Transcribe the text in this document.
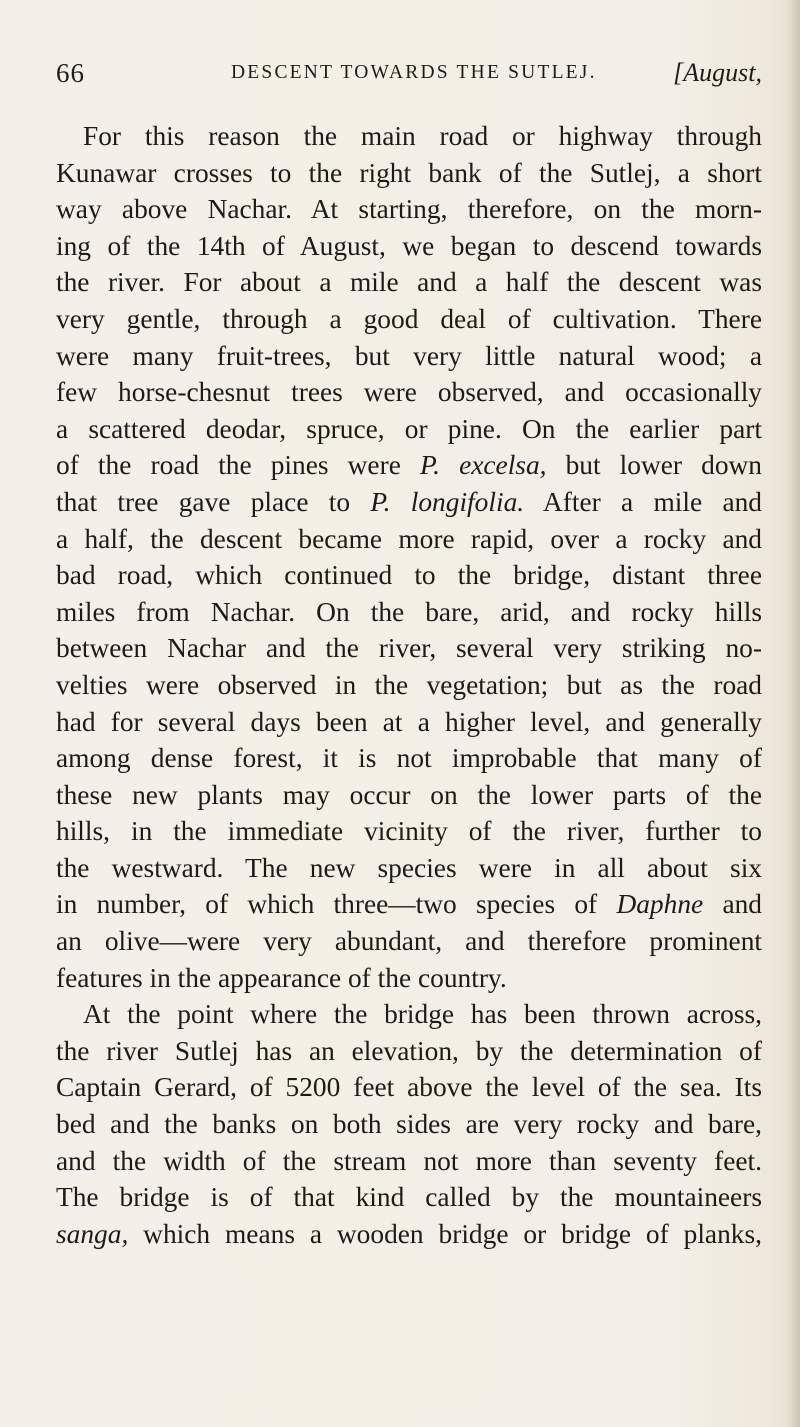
66	DESCENT TOWARDS THE SUTLEJ.	[August,
For this reason the main road or highway through
Kunawar crosses to the right bank of the Sutlej, a short
way above Nachar. At starting, therefore, on the morn-
ing of the 14th of August, we began to descend towards
the river. For about a mile and a half the descent was
very gentle, through a good deal of cultivation. There
were many fruit-trees, but very little natural wood; a
few horse-chesnut trees were observed, and occasionally
a scattered deodar, spruce, or pine. On the earlier part
of the road the pines were P. excelsa, but lower down
that tree gave place to P. longifolia. After a mile and
a half, the descent became more rapid, over a rocky and
bad road, which continued to the bridge, distant three
miles from Nachar. On the bare, arid, and rocky hills
between Nachar and the river, several very striking no-
velties were observed in the vegetation; but as the road
had for several days been at a higher level, and generally
among dense forest, it is not improbable that many of
these new plants may occur on the lower parts of the
hills, in the immediate vicinity of the river, further to
the westward. The new species were in all about six
in number, of which three—two species of Daphne and
an olive—were very abundant, and therefore prominent
features in the appearance of the country.
At the point where the bridge has been thrown across,
the river Sutlej has an elevation, by the determination of
Captain Gerard, of 5200 feet above the level of the sea. Its
bed and the banks on both sides are very rocky and bare,
and the width of the stream not more than seventy feet.
The bridge is of that kind called by the mountaineers
sanga, which means a wooden bridge or bridge of planks,
